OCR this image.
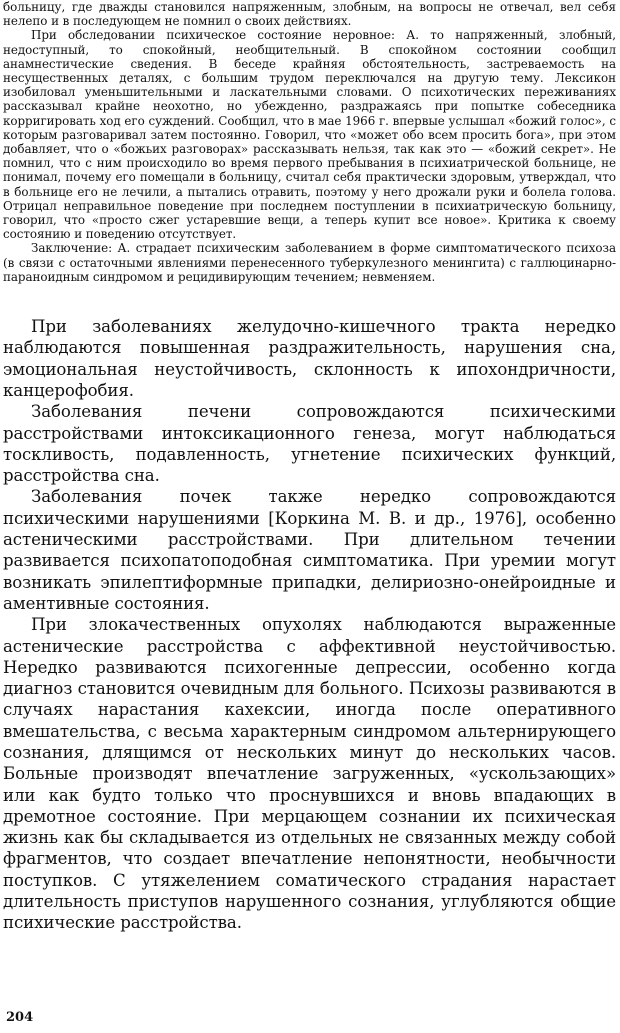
больницу, где дважды становился напряженным, злобным, на вопросы не отвечал, вел себя нелепо и в последующем не помнил о своих действиях.

При обследовании психическое состояние неровное: А. то напряженный, злобный, недоступный, то спокойный, необщительный. В спокойном состоянии сообщил анамнестические сведения. В беседе крайняя обстоятельность, застреваемость на несущественных деталях, с большим трудом переключался на другую тему. Лексикон изобиловал уменьшительными и ласкательными словами. О психотических переживаниях рассказывал крайне неохотно, но убежденно, раздражаясь при попытке собеседника корригировать ход его суждений. Сообщил, что в мае 1966 г. впервые услышал «божий голос», с которым разговаривал затем постоянно. Говорил, что «может обо всем просить бога», при этом добавляет, что о «божьих разговорах» рассказывать нельзя, так как это — «божий секрет». Не помнил, что с ним происходило во время первого пребывания в психиатрической больнице, не понимал, почему его помещали в больницу, считал себя практически здоровым, утверждал, что в больнице его не лечили, а пытались отравить, поэтому у него дрожали руки и болела голова. Отрицал неправильное поведение при последнем поступлении в психиатрическую больницу, говорил, что «просто сжег устаревшие вещи, а теперь купит все новое». Критика к своему состоянию и поведению отсутствует.

Заключение: А. страдает психическим заболеванием в форме симптоматического психоза (в связи с остаточными явлениями перенесенного туберкулезного менингита) с галлюцинарно-параноидным синдромом и рецидивирующим течением; невменяем.

При заболеваниях желудочно-кишечного тракта нередко наблюдаются повышенная раздражительность, нарушения сна, эмоциональная неустойчивость, склонность к ипохондричности, канцерофобия.

Заболевания печени сопровождаются психическими расстройствами интоксикационного генеза, могут наблюдаться тоскливость, подавленность, угнетение психических функций, расстройства сна.

Заболевания почек также нередко сопровождаются психическими нарушениями [Коркина М. В. и др., 1976], особенно астеническими расстройствами. При длительном течении развивается психопатоподобная симптоматика. При уремии могут возникать эпилептиформные припадки, делириозно-онейроидные и аментивные состояния.

При злокачественных опухолях наблюдаются выраженные астенические расстройства с аффективной неустойчивостью. Нередко развиваются психогенные депрессии, особенно когда диагноз становится очевидным для больного. Психозы развиваются в случаях нарастания кахексии, иногда после оперативного вмешательства, с весьма характерным синдромом альтернирующего сознания, длящимся от нескольких минут до нескольких часов. Больные производят впечатление загруженных, «ускользающих» или как будто только что проснувшихся и вновь впадающих в дремотное состояние. При мерцающем сознании их психическая жизнь как бы складывается из отдельных не связанных между собой фрагментов, что создает впечатление непонятности, необычности поступков. С утяжелением соматического страдания нарастает длительность приступов нарушенного сознания, углубляются общие психические расстройства.

204
